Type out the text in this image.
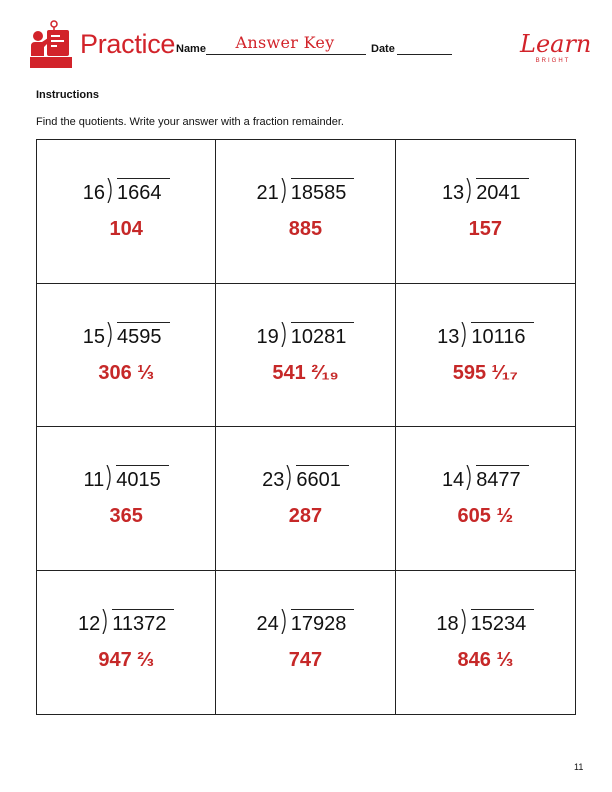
Practice Name	Answer Key	Date	Learn
BRIGHT
Instructions
Find the quotients. Write your answer with a fraction remainder.
16 1664
104
21 18585
885
13 2041
157
15 4595
306 ⅓
19 10281
541 ²⁄₁₉
13 10116
595 ¹⁄₁₇
11 4015
365
23 6601
287
14 8477
605 ½
12 11372
947 ⅔
24 17928
747
18 15234
846 ⅓
11
